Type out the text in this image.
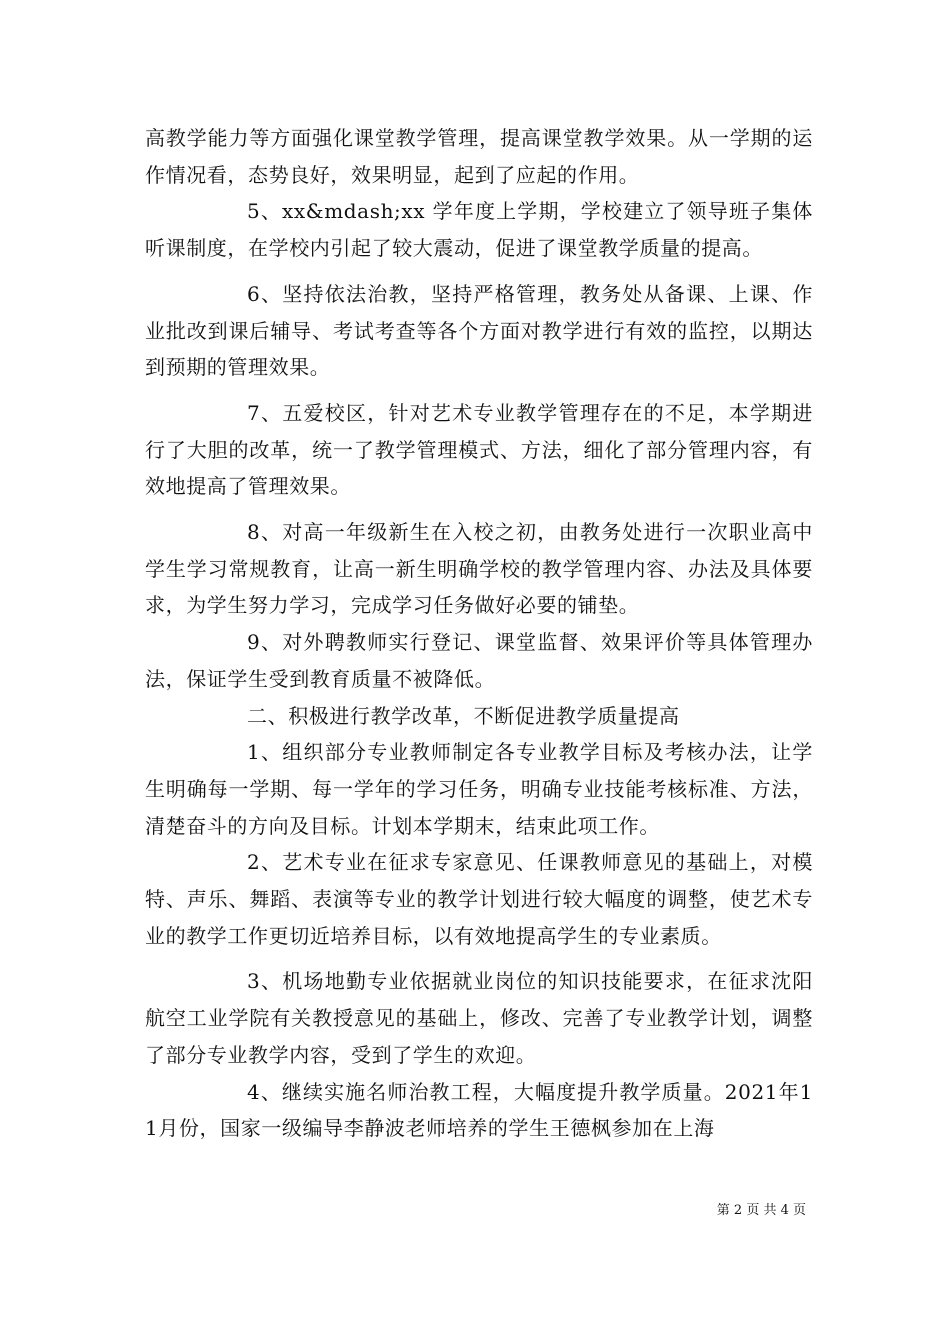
高教学能力等方面强化课堂教学管理，提高课堂教学效果。从一学期的运作情况看，态势良好，效果明显，起到了应起的作用。

5、xx&mdash;xx 学年度上学期，学校建立了领导班子集体听课制度，在学校内引起了较大震动，促进了课堂教学质量的提高。

6、坚持依法治教，坚持严格管理，教务处从备课、上课、作业批改到课后辅导、考试考查等各个方面对教学进行有效的监控，以期达到预期的管理效果。

7、五爱校区，针对艺术专业教学管理存在的不足，本学期进行了大胆的改革，统一了教学管理模式、方法，细化了部分管理内容，有效地提高了管理效果。

8、对高一年级新生在入校之初，由教务处进行一次职业高中学生学习常规教育，让高一新生明确学校的教学管理内容、办法及具体要求，为学生努力学习，完成学习任务做好必要的铺垫。

9、对外聘教师实行登记、课堂监督、效果评价等具体管理办法，保证学生受到教育质量不被降低。

二、积极进行教学改革，不断促进教学质量提高

1、组织部分专业教师制定各专业教学目标及考核办法，让学生明确每一学期、每一学年的学习任务，明确专业技能考核标准、方法，清楚奋斗的方向及目标。计划本学期末，结束此项工作。

2、艺术专业在征求专家意见、任课教师意见的基础上，对模特、声乐、舞蹈、表演等专业的教学计划进行较大幅度的调整，使艺术专业的教学工作更切近培养目标，以有效地提高学生的专业素质。

3、机场地勤专业依据就业岗位的知识技能要求，在征求沈阳航空工业学院有关教授意见的基础上，修改、完善了专业教学计划，调整了部分专业教学内容，受到了学生的欢迎。

4、继续实施名师治教工程，大幅度提升教学质量。2021年11月份，国家一级编导李静波老师培养的学生王德枫参加在上海

第 2 页 共 4 页
